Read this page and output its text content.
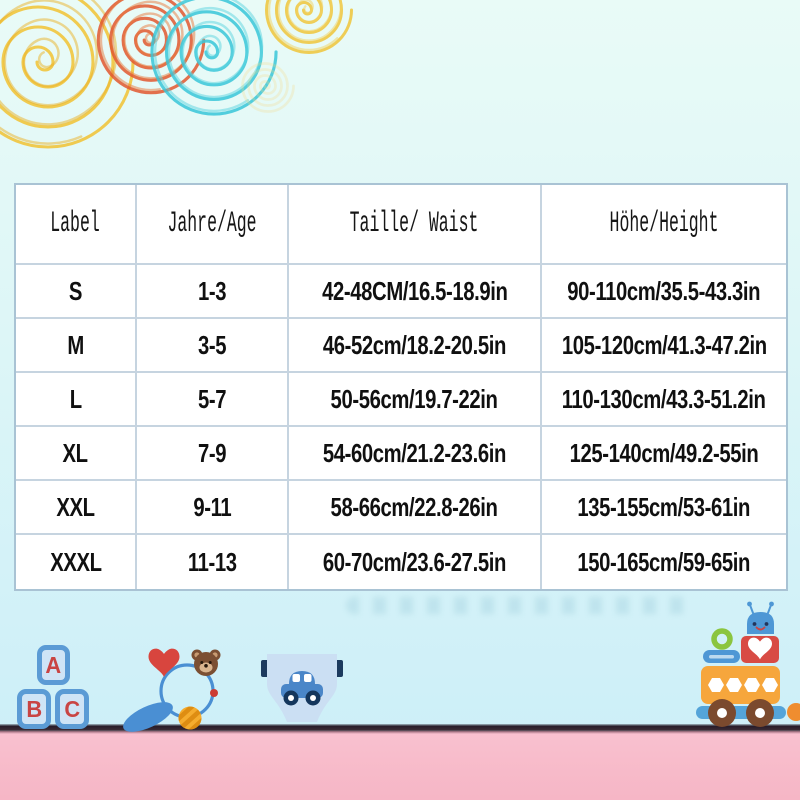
Label Jahre/Age	Taille/ Waist	Höhe/Height
S	1-3	42-48CM/16.5-18.9in 90-110cm/35.5-43.3in
M	3-5	46-52cm/18.2-20.5in 105-120cm/41.3-47.2in
L	5-7	50-56cm/19.7-22in 110-130cm/43.3-51.2in
XL	7-9	54-60cm/21.2-23.6in 125-140cm/49.2-55in
XXL	9-11	58-66cm/22.8-26in	135-155cm/53-61in
XXXL	11-13	60-70cm/23.6-27.5in	150-165cm/59-65in
A
B C
